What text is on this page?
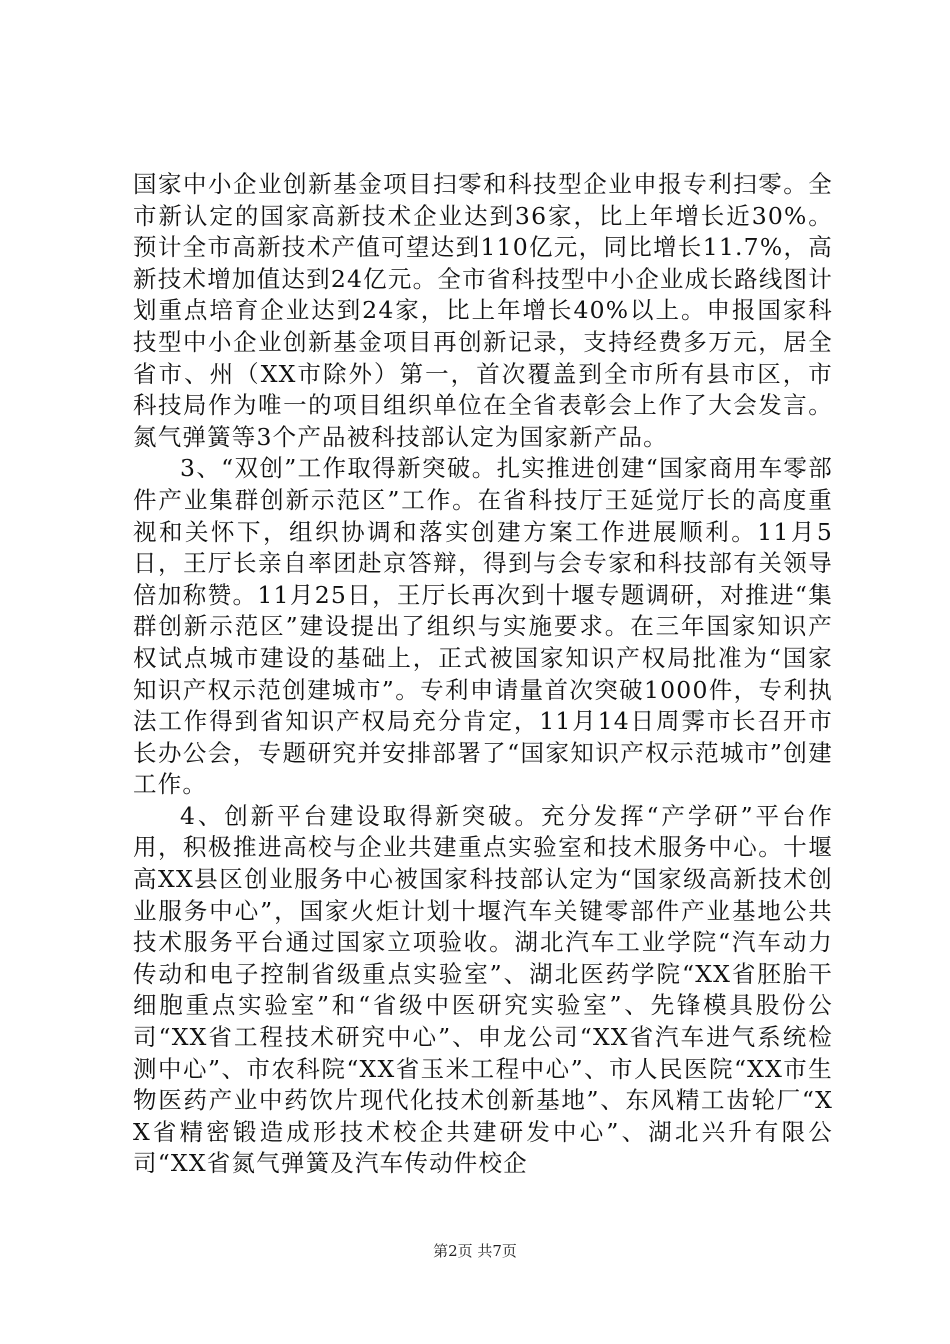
国家中小企业创新基金项目扫零和科技型企业申报专利扫零。全市新认定的国家高新技术企业达到36家，比上年增长近30%。预计全市高新技术产值可望达到110亿元，同比增长11.7%，高新技术增加值达到24亿元。全市省科技型中小企业成长路线图计划重点培育企业达到24家，比上年增长40%以上。申报国家科技型中小企业创新基金项目再创新记录，支持经费多万元，居全省市、州（XX市除外）第一，首次覆盖到全市所有县市区，市科技局作为唯一的项目组织单位在全省表彰会上作了大会发言。氮气弹簧等3个产品被科技部认定为国家新产品。

3、“双创”工作取得新突破。扎实推进创建“国家商用车零部件产业集群创新示范区”工作。在省科技厅王延觉厅长的高度重视和关怀下，组织协调和落实创建方案工作进展顺利。11月5日，王厅长亲自率团赴京答辩，得到与会专家和科技部有关领导倍加称赞。11月25日，王厅长再次到十堰专题调研，对推进“集群创新示范区”建设提出了组织与实施要求。在三年国家知识产权试点城市建设的基础上，正式被国家知识产权局批准为“国家知识产权示范创建城市”。专利申请量首次突破1000件，专利执法工作得到省知识产权局充分肯定，11月14日周霁市长召开市长办公会，专题研究并安排部署了“国家知识产权示范城市”创建工作。

4、创新平台建设取得新突破。充分发挥“产学研”平台作用，积极推进高校与企业共建重点实验室和技术服务中心。十堰高XX县区创业服务中心被国家科技部认定为“国家级高新技术创业服务中心”，国家火炬计划十堰汽车关键零部件产业基地公共技术服务平台通过国家立项验收。湖北汽车工业学院“汽车动力传动和电子控制省级重点实验室”、湖北医药学院“XX省胚胎干细胞重点实验室”和“省级中医研究实验室”、先锋模具股份公司“XX省工程技术研究中心”、申龙公司“XX省汽车进气系统检测中心”、市农科院“XX省玉米工程中心”、市人民医院“XX市生物医药产业中药饮片现代化技术创新基地”、东风精工齿轮厂“XX省精密锻造成形技术校企共建研发中心”、湖北兴升有限公司“XX省氮气弹簧及汽车传动件校企

第2页 共7页
